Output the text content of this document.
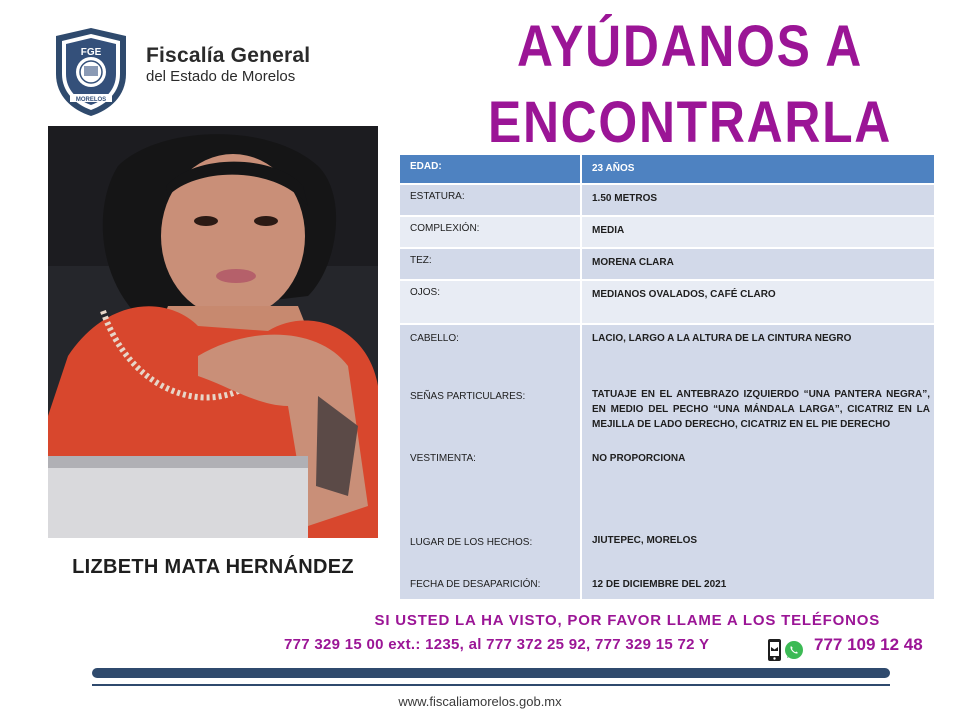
FGE
MORELOS
Fiscalía General
del Estado de Morelos	AYÚDANOS A
ENCONTRARLA
LIZBETH MATA HERNÁNDEZ
EDAD:	23 AÑOS
ESTATURA:	1.50 METROS
COMPLEXIÓN:	MEDIA
TEZ:	MORENA CLARA
OJOS:	MEDIANOS OVALADOS, CAFÉ CLARO
CABELLO:	LACIO, LARGO A LA ALTURA DE LA CINTURA NEGRO
SEÑAS PARTICULARES:	TATUAJE EN EL ANTEBRAZO IZQUIERDO “UNA PANTERA NEGRA”, EN MEDIO DEL PECHO “UNA MÁNDALA LARGA”, CICATRIZ EN LA MEJILLA DE LADO DERECHO, CICATRIZ EN EL PIE DERECHO
VESTIMENTA:	NO PROPORCIONA
LUGAR DE LOS HECHOS:	JIUTEPEC, MORELOS
FECHA DE DESAPARICIÓN:	12 DE DICIEMBRE DEL 2021
SI USTED LA HA VISTO, POR FAVOR LLAME A LOS TELÉFONOS
777 329 15 00 ext.: 1235, al 777 372 25 92, 777 329 15 72 Y	777 109 12 48
www.fiscaliamorelos.gob.mx
